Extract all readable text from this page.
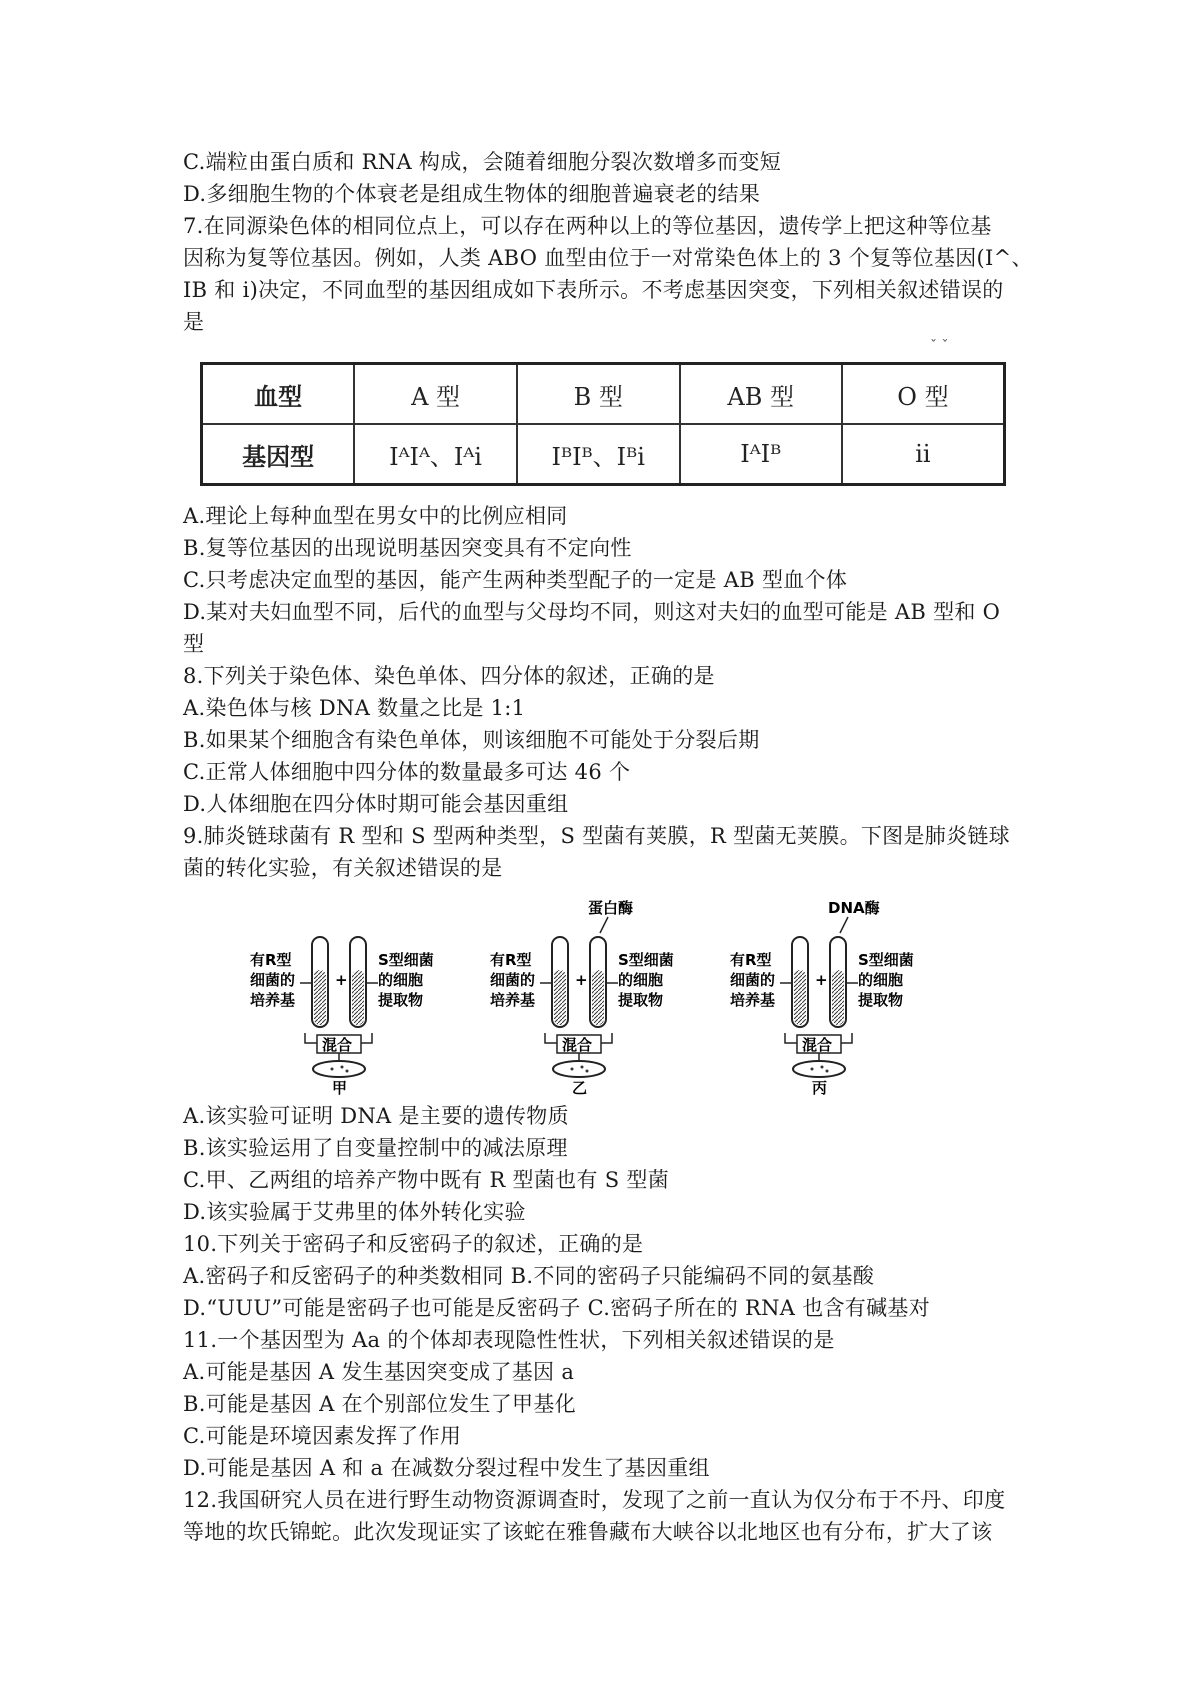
C.端粒由蛋白质和 RNA 构成，会随着细胞分裂次数增多而变短
D.多细胞生物的个体衰老是组成生物体的细胞普遍衰老的结果
7.在同源染色体的相同位点上，可以存在两种以上的等位基因，遗传学上把这种等位基
因称为复等位基因。例如，人类 ABO 血型由位于一对常染色体上的 3 个复等位基因(I^、
IB 和 i)决定，不同血型的基因组成如下表所示。不考虑基因突变，下列相关叙述错误的
是
ˇ ˇ
血型	A 型	B 型	AB 型	O 型
基因型	IᴬIᴬ、Iᴬi	IᴮIᴮ、Iᴮi	IᴬIᴮ	ii
A.理论上每种血型在男女中的比例应相同
B.复等位基因的出现说明基因突变具有不定向性
C.只考虑决定血型的基因，能产生两种类型配子的一定是 AB 型血个体
D.某对夫妇血型不同，后代的血型与父母均不同，则这对夫妇的血型可能是 AB 型和 O
型
8.下列关于染色体、染色单体、四分体的叙述，正确的是
A.染色体与核 DNA 数量之比是 1:1
B.如果某个细胞含有染色单体，则该细胞不可能处于分裂后期
C.正常人体细胞中四分体的数量最多可达 46 个
D.人体细胞在四分体时期可能会基因重组
9.肺炎链球菌有 R 型和 S 型两种类型，S 型菌有荚膜，R 型菌无荚膜。下图是肺炎链球
菌的转化实验，有关叙述错误的是
有R型
细菌的
培养基
+
S型细菌
的细胞
提取物
混合
甲
蛋白酶
有R型
细菌的
培养基
+
S型细菌
的细胞
提取物
混合
乙
DNA酶
有R型
细菌的
培养基
+
S型细菌
的细胞
提取物
混合
丙
A.该实验可证明 DNA 是主要的遗传物质
B.该实验运用了自变量控制中的减法原理
C.甲、乙两组的培养产物中既有 R 型菌也有 S 型菌
D.该实验属于艾弗里的体外转化实验
10.下列关于密码子和反密码子的叙述，正确的是
A.密码子和反密码子的种类数相同 B.不同的密码子只能编码不同的氨基酸
D.“UUU”可能是密码子也可能是反密码子 C.密码子所在的 RNA 也含有碱基对
11.一个基因型为 Aa 的个体却表现隐性性状，下列相关叙述错误的是
A.可能是基因 A 发生基因突变成了基因 a
B.可能是基因 A 在个别部位发生了甲基化
C.可能是环境因素发挥了作用
D.可能是基因 A 和 a 在减数分裂过程中发生了基因重组
12.我国研究人员在进行野生动物资源调查时，发现了之前一直认为仅分布于不丹、印度
等地的坎氏锦蛇。此次发现证实了该蛇在雅鲁藏布大峡谷以北地区也有分布，扩大了该
